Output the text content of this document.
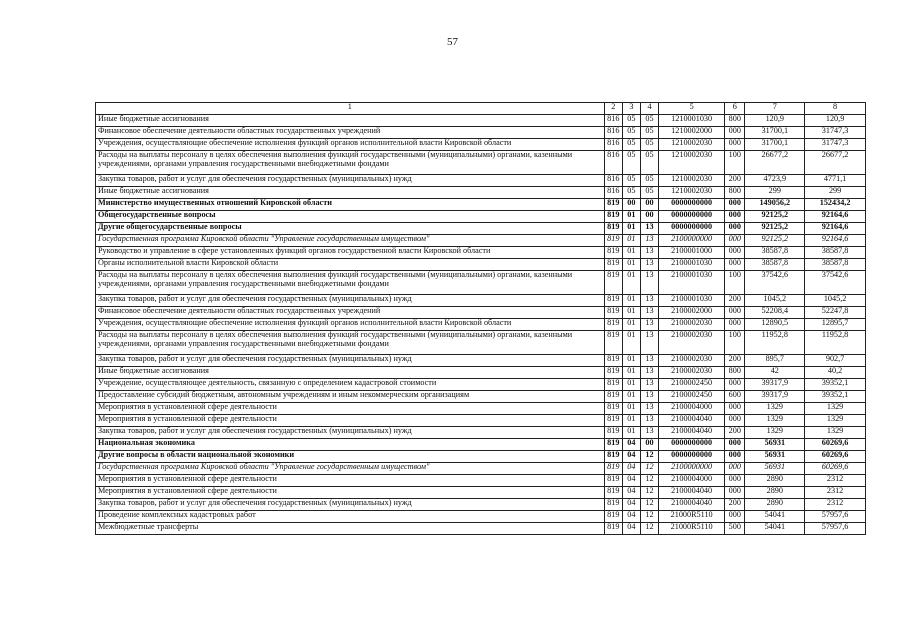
57
1	2	3	4	5	6	7	8
Иные бюджетные ассигнования	816	05	05	1210001030	800	120,9	120,9
Финансовое обеспечение деятельности областных государственных учреждений	816	05	05	1210002000	000	31700,1	31747,3
Учреждения, осуществляющие обеспечение исполнения функций органов исполнительной власти Кировской области	816	05	05	1210002030	000	31700,1	31747,3
Расходы на выплаты персоналу в целях обеспечения выполнения функций государственными (муниципальными) органами, казенными учреждениями, органами управления государственными внебюджетными фондами	816	05	05	1210002030	100	26677,2	26677,2
Закупка товаров, работ и услуг для обеспечения государственных (муниципальных) нужд	816	05	05	1210002030	200	4723,9	4771,1
Иные бюджетные ассигнования	816	05	05	1210002030	800	299	299
Министерство имущественных отношений Кировской области	819	00	00	0000000000	000	149056,2	152434,2
Общегосударственные вопросы	819	01	00	0000000000	000	92125,2	92164,6
Другие общегосударственные вопросы	819	01	13	0000000000	000	92125,2	92164,6
Государственная программа Кировской области "Управление государственным имуществом"	819	01	13	2100000000	000	92125,2	92164,6
Руководство и управление в сфере установленных функций органов государственной власти Кировской области	819	01	13	2100001000	000	38587,8	38587,8
Органы исполнительной власти Кировской области	819	01	13	2100001030	000	38587,8	38587,8
Расходы на выплаты персоналу в целях обеспечения выполнения функций государственными (муниципальными) органами, казенными учреждениями, органами управления государственными внебюджетными фондами	819	01	13	2100001030	100	37542,6	37542,6
Закупка товаров, работ и услуг для обеспечения государственных (муниципальных) нужд	819	01	13	2100001030	200	1045,2	1045,2
Финансовое обеспечение деятельности областных государственных учреждений	819	01	13	2100002000	000	52208,4	52247,8
Учреждения, осуществляющие обеспечение исполнения функций органов исполнительной власти Кировской области	819	01	13	2100002030	000	12890,5	12895,7
Расходы на выплаты персоналу в целях обеспечения выполнения функций государственными (муниципальными) органами, казенными учреждениями, органами управления государственными внебюджетными фондами	819	01	13	2100002030	100	11952,8	11952,8
Закупка товаров, работ и услуг для обеспечения государственных (муниципальных) нужд	819	01	13	2100002030	200	895,7	902,7
Иные бюджетные ассигнования	819	01	13	2100002030	800	42	40,2
Учреждение, осуществляющее деятельность, связанную с определением кадастровой стоимости	819	01	13	2100002450	000	39317,9	39352,1
Предоставление субсидий бюджетным, автономным учреждениям и иным некоммерческим организациям	819	01	13	2100002450	600	39317,9	39352,1
Мероприятия в установленной сфере деятельности	819	01	13	2100004000	000	1329	1329
Мероприятия в установленной сфере деятельности	819	01	13	2100004040	000	1329	1329
Закупка товаров, работ и услуг для обеспечения государственных (муниципальных) нужд	819	01	13	2100004040	200	1329	1329
Национальная экономика	819	04	00	0000000000	000	56931	60269,6
Другие вопросы в области национальной экономики	819	04	12	0000000000	000	56931	60269,6
Государственная программа Кировской области "Управление государственным имуществом"	819	04	12	2100000000	000	56931	60269,6
Мероприятия в установленной сфере деятельности	819	04	12	2100004000	000	2890	2312
Мероприятия в установленной сфере деятельности	819	04	12	2100004040	000	2890	2312
Закупка товаров, работ и услуг для обеспечения государственных (муниципальных) нужд	819	04	12	2100004040	200	2890	2312
Проведение комплексных кадастровых работ	819	04	12	21000R5110	000	54041	57957,6
Межбюджетные трансферты	819	04	12	21000R5110	500	54041	57957,6
